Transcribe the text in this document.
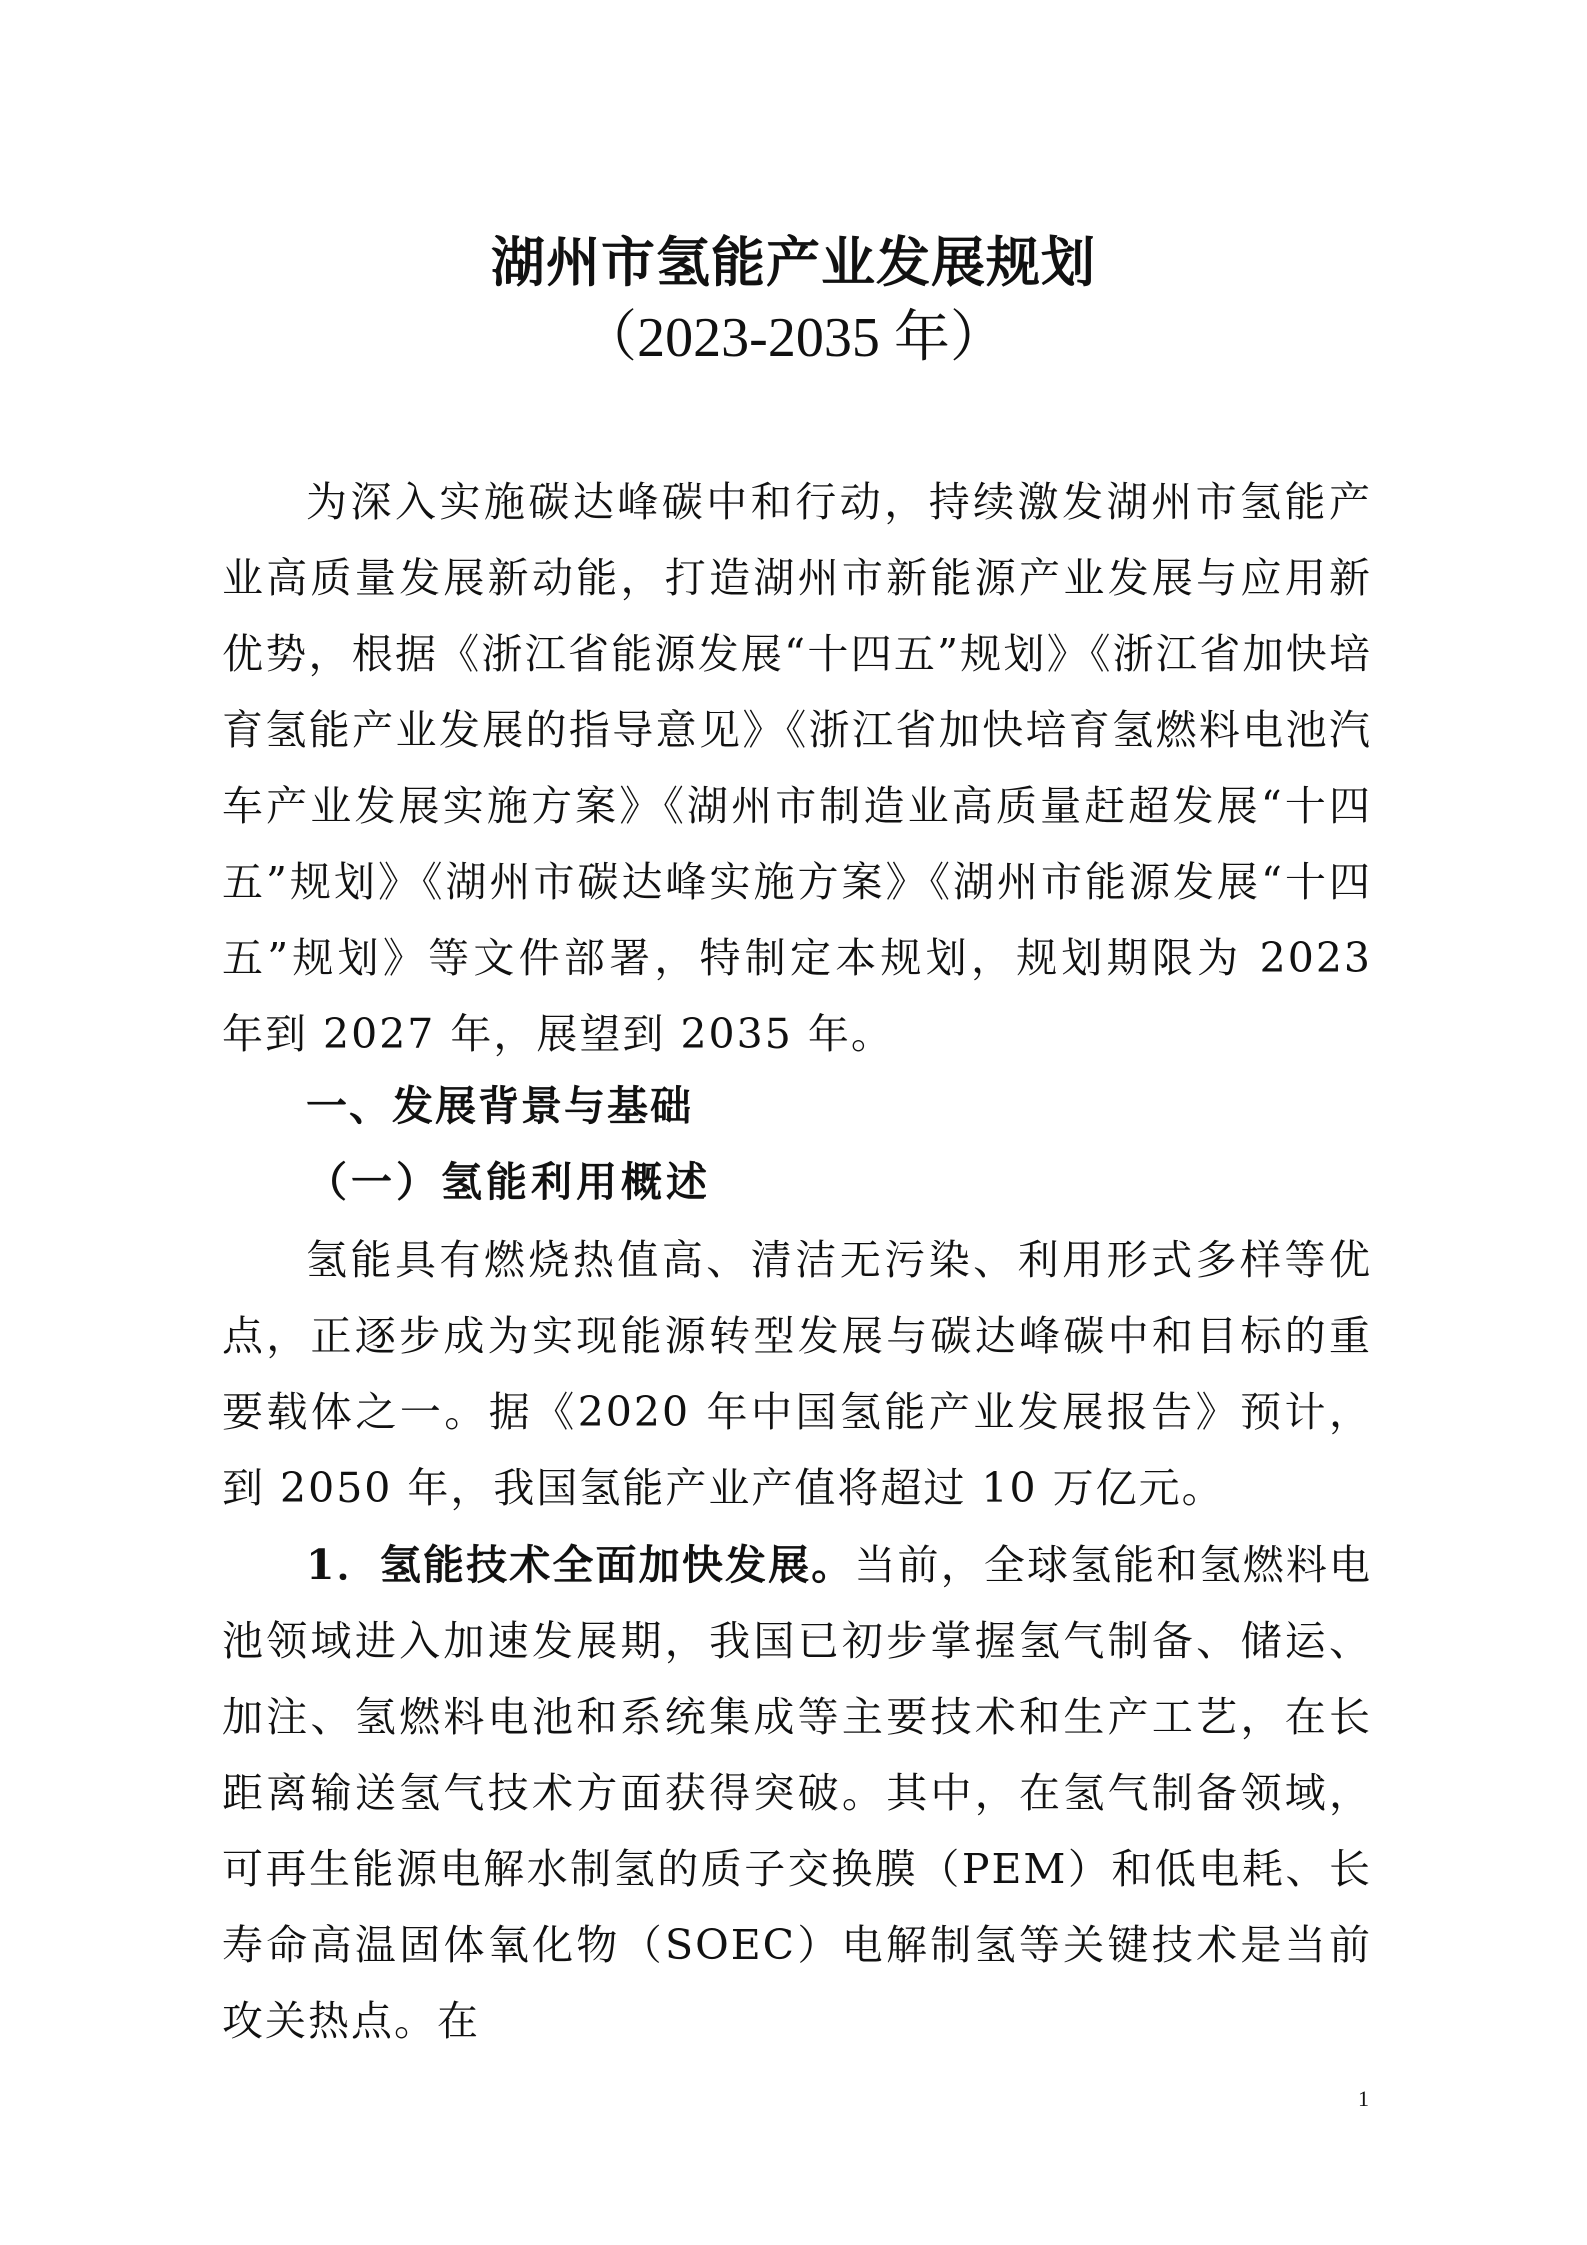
湖州市氢能产业发展规划
（2023-2035 年）

为深入实施碳达峰碳中和行动，持续激发湖州市氢能产业高质量发展新动能，打造湖州市新能源产业发展与应用新优势，根据《浙江省能源发展“十四五”规划》《浙江省加快培育氢能产业发展的指导意见》《浙江省加快培育氢燃料电池汽车产业发展实施方案》《湖州市制造业高质量赶超发展“十四五”规划》《湖州市碳达峰实施方案》《湖州市能源发展“十四五”规划》等文件部署，特制定本规划，规划期限为 2023 年到 2027 年，展望到 2035 年。

一、发展背景与基础
（一）氢能利用概述

氢能具有燃烧热值高、清洁无污染、利用形式多样等优点，正逐步成为实现能源转型发展与碳达峰碳中和目标的重要载体之一。据《2020 年中国氢能产业发展报告》预计，到 2050 年，我国氢能产业产值将超过 10 万亿元。

1．氢能技术全面加快发展。当前，全球氢能和氢燃料电池领域进入加速发展期，我国已初步掌握氢气制备、储运、加注、氢燃料电池和系统集成等主要技术和生产工艺，在长距离输送氢气技术方面获得突破。其中，在氢气制备领域，可再生能源电解水制氢的质子交换膜（PEM）和低电耗、长寿命高温固体氧化物（SOEC）电解制氢等关键技术是当前攻关热点。在

1
